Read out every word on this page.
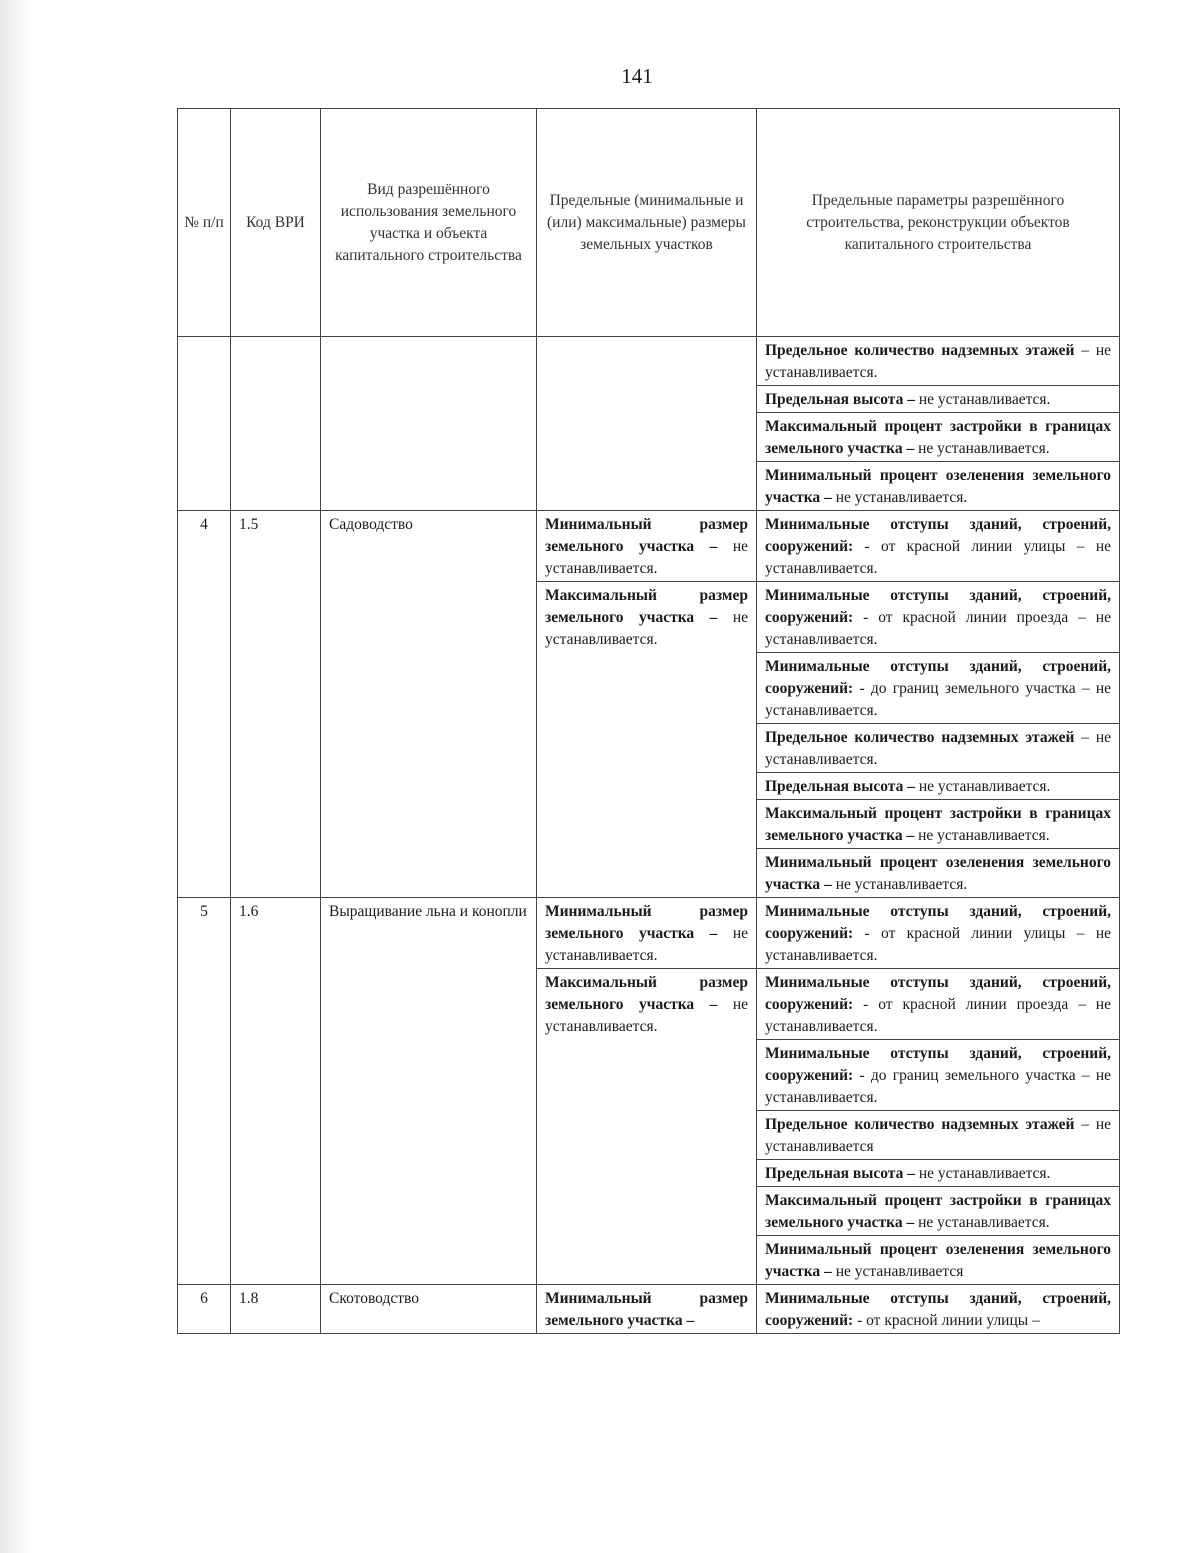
141
№ п/п	Код ВРИ	Вид разрешённого использования земельного участка и объекта капитального строительства	Предельные (минимальные и (или) максимальные) размеры земельных участков	Предельные параметры разрешённого строительства, реконструкции объектов капитального строительства
				Предельное количество надземных этажей – не устанавливается.
				Предельная высота – не устанавливается.
				Максимальный процент застройки в границах земельного участка – не устанавливается.
				Минимальный процент озеленения земельного участка – не устанавливается.
4	1.5	Садоводство	Минимальный размер земельного участка – не устанавливается.	Минимальные отступы зданий, строений, сооружений: - от красной линии улицы – не устанавливается.
			Максимальный размер земельного участка – не устанавливается.	Минимальные отступы зданий, строений, сооружений: - от красной линии проезда – не устанавливается.
				Минимальные отступы зданий, строений, сооружений: - до границ земельного участка – не устанавливается.
				Предельное количество надземных этажей – не устанавливается.
				Предельная высота – не устанавливается.
				Максимальный процент застройки в границах земельного участка – не устанавливается.
				Минимальный процент озеленения земельного участка – не устанавливается.
5	1.6	Выращивание льна и конопли	Минимальный размер земельного участка – не устанавливается.	Минимальные отступы зданий, строений, сооружений: - от красной линии улицы – не устанавливается.
			Максимальный размер земельного участка – не устанавливается.	Минимальные отступы зданий, строений, сооружений: - от красной линии проезда – не устанавливается.
				Минимальные отступы зданий, строений, сооружений: - до границ земельного участка – не устанавливается.
				Предельное количество надземных этажей – не устанавливается
				Предельная высота – не устанавливается.
				Максимальный процент застройки в границах земельного участка – не устанавливается.
				Минимальный процент озеленения земельного участка – не устанавливается
6	1.8	Скотоводство	Минимальный размер земельного участка –	Минимальные отступы зданий, строений, сооружений: - от красной линии улицы –
